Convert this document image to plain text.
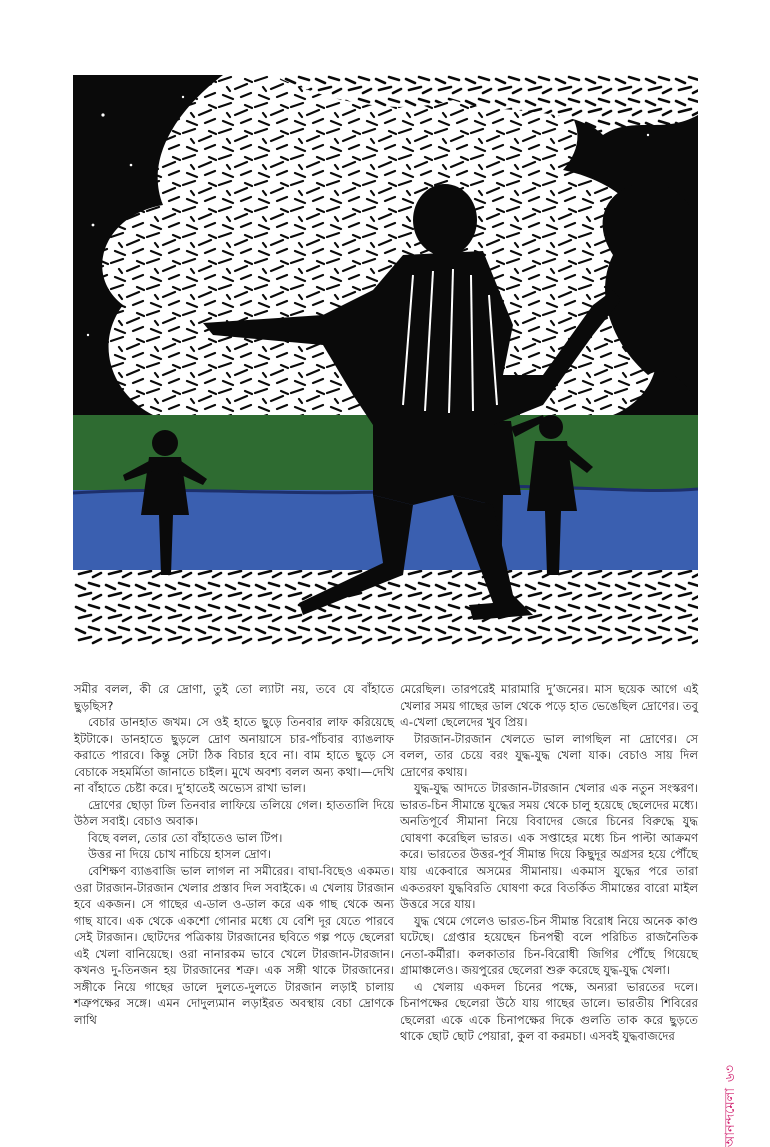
সমীর বলল, কী রে দ্রোণা, তুই তো ল্যাটা নয়, তবে যে বাঁহাতে ছুড়ছিস?

বেচার ডানহাত জখম। সে ওই হাতে ছুড়ে তিনবার লাফ করিয়েছে ইটটাকে। ডানহাতে ছুড়লে দ্রোণ অনায়াসে চার-পাঁচবার ব্যাঙলাফ করাতে পারবে। কিন্তু সেটা ঠিক বিচার হবে না। বাম হাতে ছুড়ে সে বেচাকে সহমর্মিতা জানাতে চাইল। মুখে অবশ্য বলল অন্য কথা।—দেখি না বাঁহাতে চেষ্টা করে। দু’হাতেই অভ্যেস রাখা ভাল।

দ্রোণের ছোড়া ঢিল তিনবার লাফিয়ে তলিয়ে গেল। হাততালি দিয়ে উঠল সবাই। বেচাও অবাক।

বিছে বলল, তোর তো বাঁহাতেও ভাল টিপ।

উত্তর না দিয়ে চোখ নাচিয়ে হাসল দ্রোণ।

বেশিক্ষণ ব্যাঙবাজি ভাল লাগল না সমীরের। বাঘা-বিছেও একমত। ওরা টারজান-টারজান খেলার প্রস্তাব দিল সবাইকে। এ খেলায় টারজান হবে একজন। সে গাছের এ-ডাল ও-ডাল করে এক গাছ থেকে অন্য গাছ যাবে। এক থেকে একশো গোনার মধ্যে যে বেশি দূর যেতে পারবে সেই টারজান। ছোটদের পত্রিকায় টারজানের ছবিতে গল্প পড়ে ছেলেরা এই খেলা বানিয়েছে। ওরা নানারকম ভাবে খেলে টারজান-টারজান। কখনও দু-তিনজন হয় টারজানের শত্রু। এক সঙ্গী থাকে টারজানের। সঙ্গীকে নিয়ে গাছের ডালে দুলতে-দুলতে টারজান লড়াই চালায় শত্রুপক্ষের সঙ্গে। এমন দোদুল্যমান লড়াইরত অবস্থায় বেচা দ্রোণকে লাথি

মেরেছিল। তারপরেই মারামারি দু’জনের। মাস ছয়েক আগে এই খেলার সময় গাছের ডাল থেকে পড়ে হাত ভেঙেছিল দ্রোণের। তবু এ-খেলা ছেলেদের খুব প্রিয়।

টারজান-টারজান খেলতে ভাল লাগছিল না দ্রোণের। সে বলল, তার চেয়ে বরং যুদ্ধ-যুদ্ধ খেলা যাক। বেচাও সায় দিল দ্রোণের কথায়।

যুদ্ধ-যুদ্ধ আদতে টারজান-টারজান খেলার এক নতুন সংস্করণ। ভারত-চিন সীমান্তে যুদ্ধের সময় থেকে চালু হয়েছে ছেলেদের মধ্যে। অনতিপূর্বে সীমানা নিয়ে বিবাদের জেরে চিনের বিরুদ্ধে যুদ্ধ ঘোষণা করেছিল ভারত। এক সপ্তাহের মধ্যে চিন পাল্টা আক্রমণ করে। ভারতের উত্তর-পূর্ব সীমান্ত দিয়ে কিছুদূর অগ্রসর হয়ে পৌঁছে যায় একেবারে অসমের সীমানায়। একমাস যুদ্ধের পরে তারা একতরফা যুদ্ধবিরতি ঘোষণা করে বিতর্কিত সীমান্তের বারো মাইল উত্তরে সরে যায়।

যুদ্ধ থেমে গেলেও ভারত-চিন সীমান্ত বিরোধ নিয়ে অনেক কাণ্ড ঘটেছে। গ্রেপ্তার হয়েছেন চিনপন্থী বলে পরিচিত রাজনৈতিক নেতা-কর্মীরা। কলকাতার চিন-বিরোধী জিগির পৌঁছে গিয়েছে গ্রামাঞ্চলেও। জয়পুরের ছেলেরা শুরু করেছে যুদ্ধ-যুদ্ধ খেলা।

এ খেলায় একদল চিনের পক্ষে, অন্যরা ভারতের দলে। চিনাপক্ষের ছেলেরা উঠে যায় গাছের ডালে। ভারতীয় শিবিরের ছেলেরা একে একে চিনাপক্ষের দিকে গুলতি তাক করে ছুড়তে থাকে ছোট ছোট পেয়ারা, কুল বা করমচা। এসবই যুদ্ধবাজদের

আনন্দমেলা৬৩
